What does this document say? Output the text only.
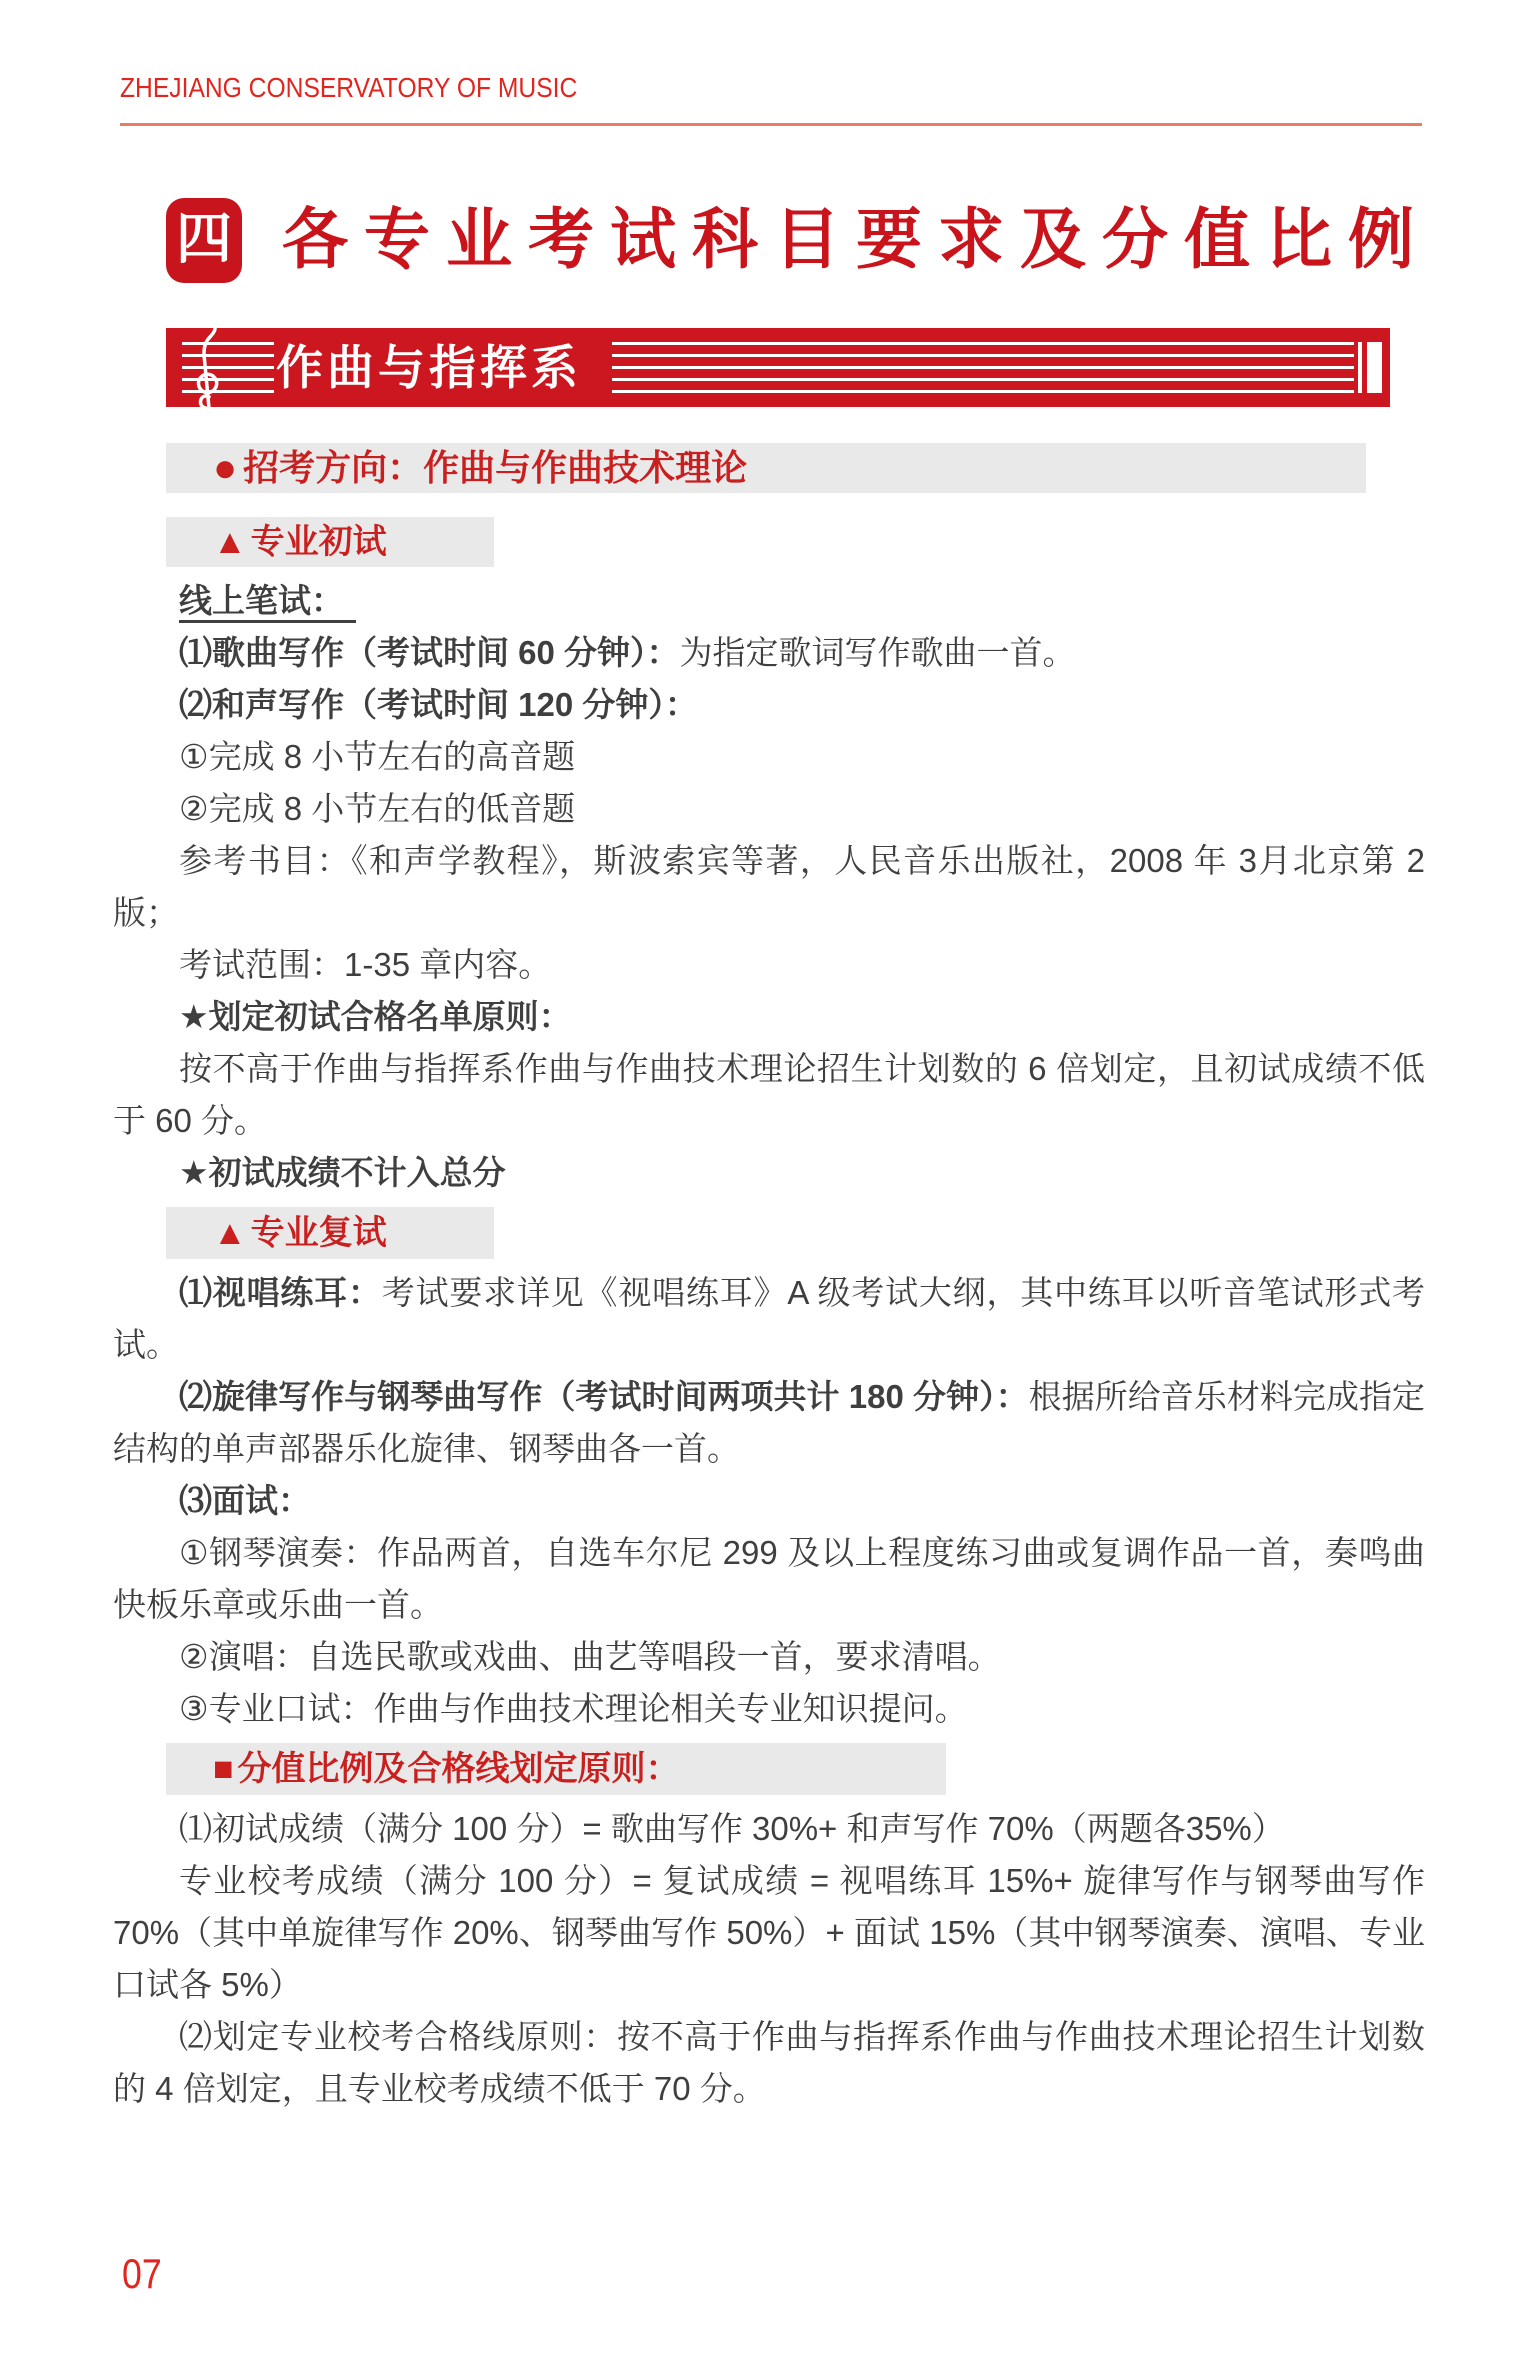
ZHEJIANG CONSERVATORY OF MUSIC
四 各专业考试科目要求及分值比例
作曲与指挥系
● 招考方向：作曲与作曲技术理论
▲ 专业初试

线上笔试：

⑴歌曲写作（考试时间 60 分钟）：为指定歌词写作歌曲一首。

⑵和声写作（考试时间 120 分钟）：

①完成 8 小节左右的高音题

②完成 8 小节左右的低音题

参考书目：《和声学教程》，斯波索宾等著，人民音乐出版社，2008 年 3月北京第 2 版；

考试范围：1-35 章内容。

★划定初试合格名单原则：

按不高于作曲与指挥系作曲与作曲技术理论招生计划数的 6 倍划定，且初试成绩不低于 60 分。

★初试成绩不计入总分

▲ 专业复试

⑴视唱练耳：考试要求详见《视唱练耳》A 级考试大纲，其中练耳以听音笔试形式考试。

⑵旋律写作与钢琴曲写作（考试时间两项共计 180 分钟）：根据所给音乐材料完成指定结构的单声部器乐化旋律、钢琴曲各一首。

⑶面试：

①钢琴演奏：作品两首，自选车尔尼 299 及以上程度练习曲或复调作品一首，奏鸣曲快板乐章或乐曲一首。

②演唱：自选民歌或戏曲、曲艺等唱段一首，要求清唱。

③专业口试：作曲与作曲技术理论相关专业知识提问。

■ 分值比例及合格线划定原则：

⑴初试成绩（满分 100 分）= 歌曲写作 30%+ 和声写作 70%（两题各35%）

专业校考成绩（满分 100 分）= 复试成绩 = 视唱练耳 15%+ 旋律写作与钢琴曲写作 70%（其中单旋律写作 20%、钢琴曲写作 50%）+ 面试 15%（其中钢琴演奏、演唱、专业口试各 5%）

⑵划定专业校考合格线原则：按不高于作曲与指挥系作曲与作曲技术理论招生计划数的 4 倍划定，且专业校考成绩不低于 70 分。

07
